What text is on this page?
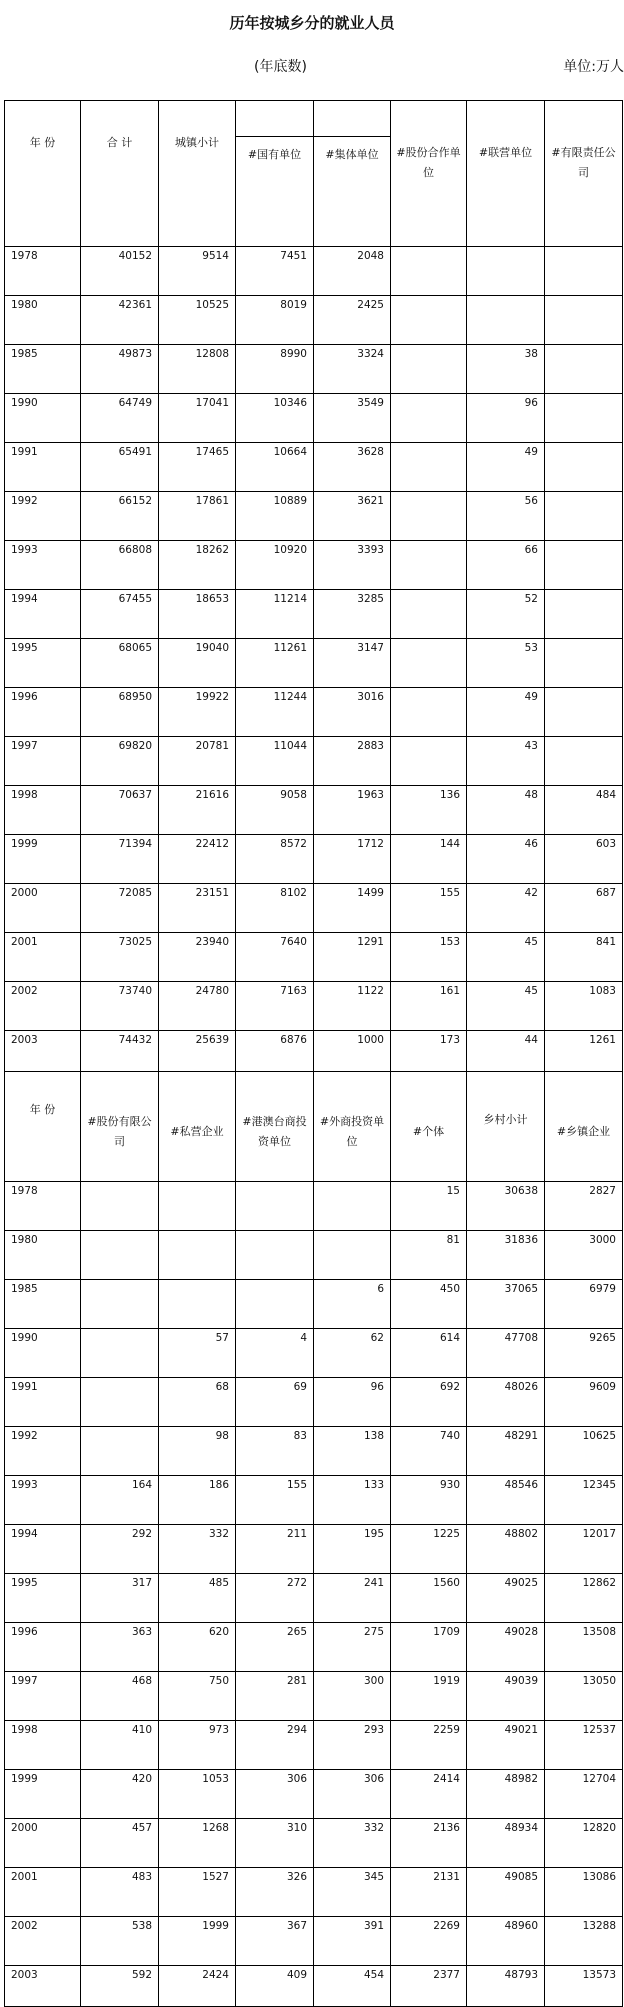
历年按城乡分的就业人员
(年底数)	单位:万人
年 份	合 计	城镇小计			#股份合作单位	#联营单位	#有限责任公司
			#国有单位	#集体单位			
1978	40152	9514	7451	2048			
1980	42361	10525	8019	2425			
1985	49873	12808	8990	3324		38	
1990	64749	17041	10346	3549		96	
1991	65491	17465	10664	3628		49	
1992	66152	17861	10889	3621		56	
1993	66808	18262	10920	3393		66	
1994	67455	18653	11214	3285		52	
1995	68065	19040	11261	3147		53	
1996	68950	19922	11244	3016		49	
1997	69820	20781	11044	2883		43	
1998	70637	21616	9058	1963	136	48	484
1999	71394	22412	8572	1712	144	46	603
2000	72085	23151	8102	1499	155	42	687
2001	73025	23940	7640	1291	153	45	841
2002	73740	24780	7163	1122	161	45	1083
2003	74432	25639	6876	1000	173	44	1261
年 份	#股份有限公司	#私营企业	#港澳台商投资单位	#外商投资单位	#个体	乡村小计	#乡镇企业
1978					15	30638	2827
1980					81	31836	3000
1985				6	450	37065	6979
1990		57	4	62	614	47708	9265
1991		68	69	96	692	48026	9609
1992		98	83	138	740	48291	10625
1993	164	186	155	133	930	48546	12345
1994	292	332	211	195	1225	48802	12017
1995	317	485	272	241	1560	49025	12862
1996	363	620	265	275	1709	49028	13508
1997	468	750	281	300	1919	49039	13050
1998	410	973	294	293	2259	49021	12537
1999	420	1053	306	306	2414	48982	12704
2000	457	1268	310	332	2136	48934	12820
2001	483	1527	326	345	2131	49085	13086
2002	538	1999	367	391	2269	48960	13288
2003	592	2424	409	454	2377	48793	13573
